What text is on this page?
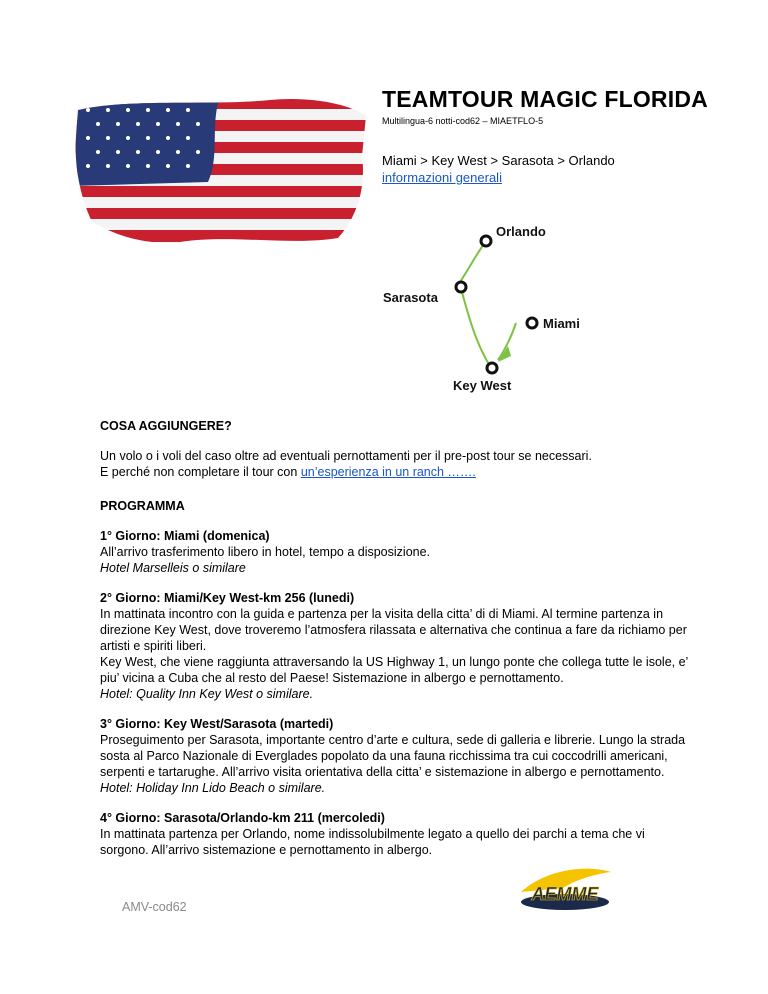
TEAMTOUR MAGIC FLORIDA
Multilingua-6 notti-cod62 – MIAETFLO-5
Miami > Key West > Sarasota > Orlando
informazioni generali
Orlando
Sarasota
Miami
Key West
COSA AGGIUNGERE?
Un volo o i voli del caso oltre ad eventuali pernottamenti per il pre-post tour se necessari.
E perché non completare il tour con un’esperienza in un ranch …….
PROGRAMMA
1° Giorno: Miami (domenica)
All’arrivo trasferimento libero in hotel, tempo a disposizione.
Hotel Marselleis o similare
2° Giorno: Miami/Key West-km 256 (lunedi)
In mattinata incontro con la guida e partenza per la visita della citta’ di di Miami. Al termine partenza in
direzione Key West, dove troveremo l’atmosfera rilassata e alternativa che continua a fare da richiamo per
artisti e spiriti liberi.
Key West, che viene raggiunta attraversando la US Highway 1, un lungo ponte che collega tutte le isole, e’
piu’ vicina a Cuba che al resto del Paese! Sistemazione in albergo e pernottamento.
Hotel: Quality Inn Key West o similare.
3° Giorno: Key West/Sarasota (martedi)
Proseguimento per Sarasota, importante centro d’arte e cultura, sede di galleria e librerie. Lungo la strada
sosta al Parco Nazionale di Everglades popolato da una fauna ricchissima tra cui coccodrilli americani,
serpenti e tartarughe. All’arrivo visita orientativa della citta’ e sistemazione in albergo e pernottamento.
Hotel: Holiday Inn Lido Beach o similare.
4° Giorno: Sarasota/Orlando-km 211 (mercoledi)
In mattinata partenza per Orlando, nome indissolubilmente legato a quello dei parchi a tema che vi
sorgono. All’arrivo sistemazione e pernottamento in albergo.
AEMME
AMV-cod62
